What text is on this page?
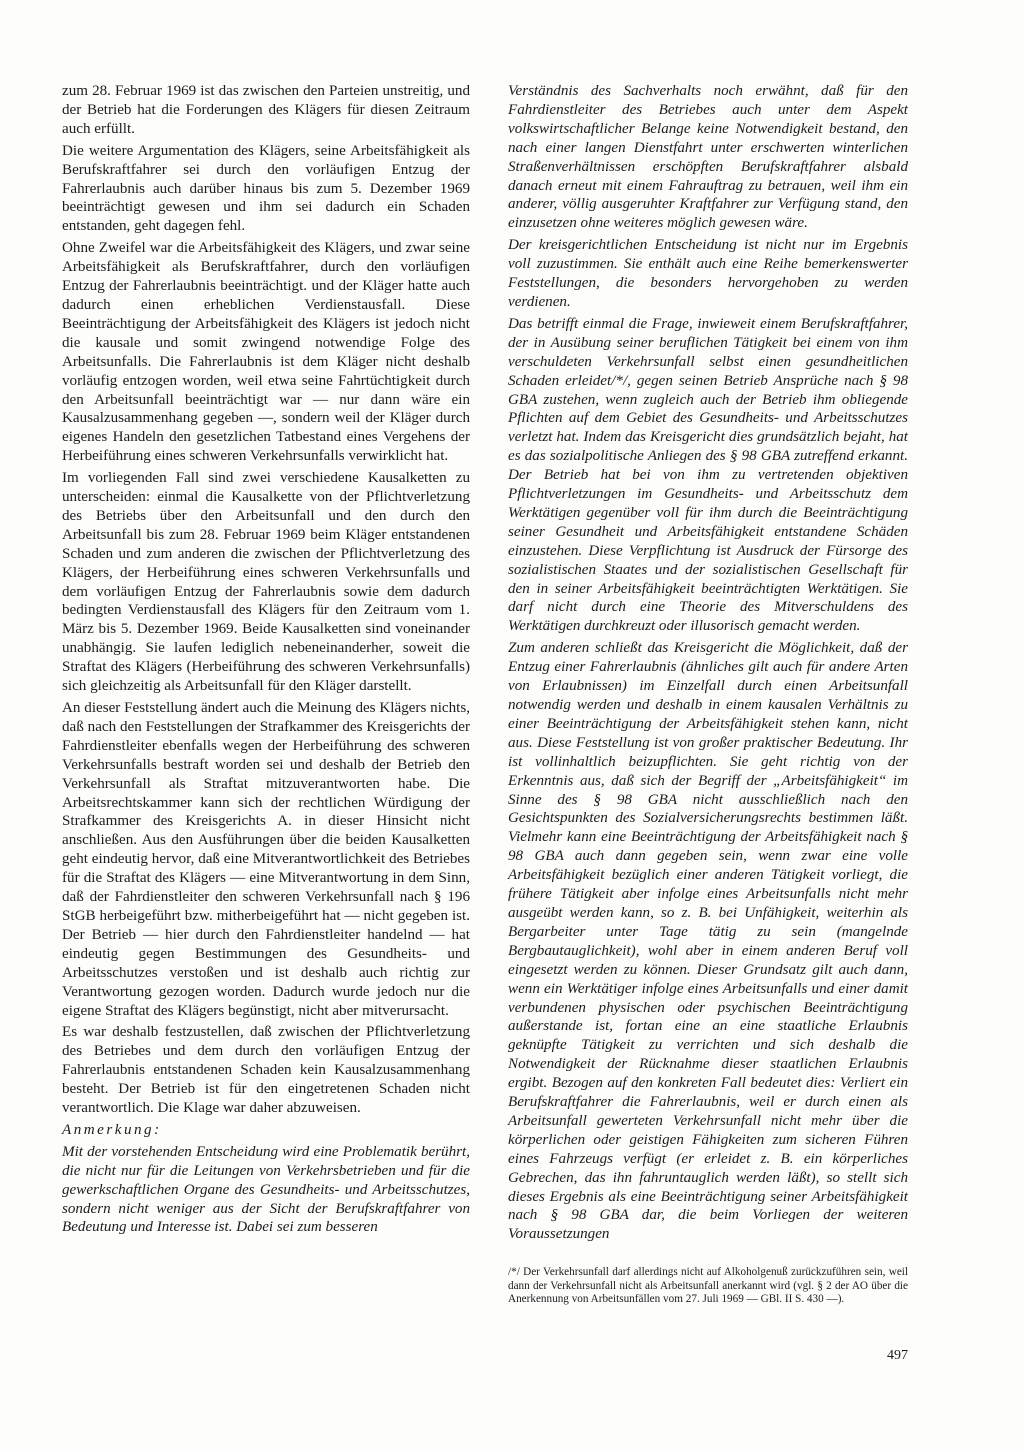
zum 28. Februar 1969 ist das zwischen den Parteien unstreitig, und der Betrieb hat die Forderungen des Klägers für diesen Zeitraum auch erfüllt.

Die weitere Argumentation des Klägers, seine Arbeitsfähigkeit als Berufskraftfahrer sei durch den vorläufigen Entzug der Fahrerlaubnis auch darüber hinaus bis zum 5. Dezember 1969 beeinträchtigt gewesen und ihm sei dadurch ein Schaden entstanden, geht dagegen fehl.

Ohne Zweifel war die Arbeitsfähigkeit des Klägers, und zwar seine Arbeitsfähigkeit als Berufskraftfahrer, durch den vorläufigen Entzug der Fahrerlaubnis beeinträchtigt. und der Kläger hatte auch dadurch einen erheblichen Verdienstausfall. Diese Beeinträchtigung der Arbeitsfähigkeit des Klägers ist jedoch nicht die kausale und somit zwingend notwendige Folge des Arbeitsunfalls. Die Fahrerlaubnis ist dem Kläger nicht deshalb vorläufig entzogen worden, weil etwa seine Fahrtüchtigkeit durch den Arbeitsunfall beeinträchtigt war — nur dann wäre ein Kausalzusammenhang gegeben —, sondern weil der Kläger durch eigenes Handeln den gesetzlichen Tatbestand eines Vergehens der Herbeiführung eines schweren Verkehrsunfalls verwirklicht hat.

Im vorliegenden Fall sind zwei verschiedene Kausalketten zu unterscheiden: einmal die Kausalkette von der Pflichtverletzung des Betriebs über den Arbeitsunfall und den durch den Arbeitsunfall bis zum 28. Februar 1969 beim Kläger entstandenen Schaden und zum anderen die zwischen der Pflichtverletzung des Klägers, der Herbeiführung eines schweren Verkehrsunfalls und dem vorläufigen Entzug der Fahrerlaubnis sowie dem dadurch bedingten Verdienstausfall des Klägers für den Zeitraum vom 1. März bis 5. Dezember 1969. Beide Kausalketten sind voneinander unabhängig. Sie laufen lediglich nebeneinanderher, soweit die Straftat des Klägers (Herbeiführung des schweren Verkehrsunfalls) sich gleichzeitig als Arbeitsunfall für den Kläger darstellt.

An dieser Feststellung ändert auch die Meinung des Klägers nichts, daß nach den Feststellungen der Strafkammer des Kreisgerichts der Fahrdienstleiter ebenfalls wegen der Herbeiführung des schweren Verkehrsunfalls bestraft worden sei und deshalb der Betrieb den Verkehrsunfall als Straftat mitzuverantworten habe. Die Arbeitsrechtskammer kann sich der rechtlichen Würdigung der Strafkammer des Kreisgerichts A. in dieser Hinsicht nicht anschließen. Aus den Ausführungen über die beiden Kausalketten geht eindeutig hervor, daß eine Mitverantwortlichkeit des Betriebes für die Straftat des Klägers — eine Mitverantwortung in dem Sinn, daß der Fahrdienstleiter den schweren Verkehrsunfall nach § 196 StGB herbeigeführt bzw. mitherbeigeführt hat — nicht gegeben ist. Der Betrieb — hier durch den Fahrdienstleiter handelnd — hat eindeutig gegen Bestimmungen des Gesundheits- und Arbeitsschutzes verstoßen und ist deshalb auch richtig zur Verantwortung gezogen worden. Dadurch wurde jedoch nur die eigene Straftat des Klägers begünstigt, nicht aber mitverursacht.

Es war deshalb festzustellen, daß zwischen der Pflichtverletzung des Betriebes und dem durch den vorläufigen Entzug der Fahrerlaubnis entstandenen Schaden kein Kausalzusammenhang besteht. Der Betrieb ist für den eingetretenen Schaden nicht verantwortlich. Die Klage war daher abzuweisen.

Anmerkung:

Mit der vorstehenden Entscheidung wird eine Problematik berührt, die nicht nur für die Leitungen von Verkehrsbetrieben und für die gewerkschaftlichen Organe des Gesundheits- und Arbeitsschutzes, sondern nicht weniger aus der Sicht der Berufskraftfahrer von Bedeutung und Interesse ist. Dabei sei zum besseren

Verständnis des Sachverhalts noch erwähnt, daß für den Fahrdienstleiter des Betriebes auch unter dem Aspekt volkswirtschaftlicher Belange keine Notwendigkeit bestand, den nach einer langen Dienstfahrt unter erschwerten winterlichen Straßenverhältnissen erschöpften Berufskraftfahrer alsbald danach erneut mit einem Fahrauftrag zu betrauen, weil ihm ein anderer, völlig ausgeruhter Kraftfahrer zur Verfügung stand, den einzusetzen ohne weiteres möglich gewesen wäre.

Der kreisgerichtlichen Entscheidung ist nicht nur im Ergebnis voll zuzustimmen. Sie enthält auch eine Reihe bemerkenswerter Feststellungen, die besonders hervorgehoben zu werden verdienen.

Das betrifft einmal die Frage, inwieweit einem Berufskraftfahrer, der in Ausübung seiner beruflichen Tätigkeit bei einem von ihm verschuldeten Verkehrsunfall selbst einen gesundheitlichen Schaden erleidet/*/, gegen seinen Betrieb Ansprüche nach § 98 GBA zustehen, wenn zugleich auch der Betrieb ihm obliegende Pflichten auf dem Gebiet des Gesundheits- und Arbeitsschutzes verletzt hat. Indem das Kreisgericht dies grundsätzlich bejaht, hat es das sozialpolitische Anliegen des § 98 GBA zutreffend erkannt. Der Betrieb hat bei von ihm zu vertretenden objektiven Pflichtverletzungen im Gesundheits- und Arbeitsschutz dem Werktätigen gegenüber voll für ihm durch die Beeinträchtigung seiner Gesundheit und Arbeitsfähigkeit entstandene Schäden einzustehen. Diese Verpflichtung ist Ausdruck der Fürsorge des sozialistischen Staates und der sozialistischen Gesellschaft für den in seiner Arbeitsfähigkeit beeinträchtigten Werktätigen. Sie darf nicht durch eine Theorie des Mitverschuldens des Werktätigen durchkreuzt oder illusorisch gemacht werden.

Zum anderen schließt das Kreisgericht die Möglichkeit, daß der Entzug einer Fahrerlaubnis (ähnliches gilt auch für andere Arten von Erlaubnissen) im Einzelfall durch einen Arbeitsunfall notwendig werden und deshalb in einem kausalen Verhältnis zu einer Beeinträchtigung der Arbeitsfähigkeit stehen kann, nicht aus. Diese Feststellung ist von großer praktischer Bedeutung. Ihr ist vollinhaltlich beizupflichten. Sie geht richtig von der Erkenntnis aus, daß sich der Begriff der „Arbeitsfähigkeit“ im Sinne des § 98 GBA nicht ausschließlich nach den Gesichtspunkten des Sozialversicherungsrechts bestimmen läßt. Vielmehr kann eine Beeinträchtigung der Arbeitsfähigkeit nach § 98 GBA auch dann gegeben sein, wenn zwar eine volle Arbeitsfähigkeit bezüglich einer anderen Tätigkeit vorliegt, die frühere Tätigkeit aber infolge eines Arbeitsunfalls nicht mehr ausgeübt werden kann, so z. B. bei Unfähigkeit, weiterhin als Bergarbeiter unter Tage tätig zu sein (mangelnde Bergbautauglichkeit), wohl aber in einem anderen Beruf voll eingesetzt werden zu können. Dieser Grundsatz gilt auch dann, wenn ein Werktätiger infolge eines Arbeitsunfalls und einer damit verbundenen physischen oder psychischen Beeinträchtigung außerstande ist, fortan eine an eine staatliche Erlaubnis geknüpfte Tätigkeit zu verrichten und sich deshalb die Notwendigkeit der Rücknahme dieser staatlichen Erlaubnis ergibt. Bezogen auf den konkreten Fall bedeutet dies: Verliert ein Berufskraftfahrer die Fahrerlaubnis, weil er durch einen als Arbeitsunfall gewerteten Verkehrsunfall nicht mehr über die körperlichen oder geistigen Fähigkeiten zum sicheren Führen eines Fahrzeugs verfügt (er erleidet z. B. ein körperliches Gebrechen, das ihn fahruntauglich werden läßt), so stellt sich dieses Ergebnis als eine Beeinträchtigung seiner Arbeitsfähigkeit nach § 98 GBA dar, die beim Vorliegen der weiteren Voraussetzungen

/*/ Der Verkehrsunfall darf allerdings nicht auf Alkoholgenuß zurückzuführen sein, weil dann der Verkehrsunfall nicht als Arbeitsunfall anerkannt wird (vgl. § 2 der AO über die Anerkennung von Arbeitsunfällen vom 27. Juli 1969 — GBl. II S. 430 —).
497
